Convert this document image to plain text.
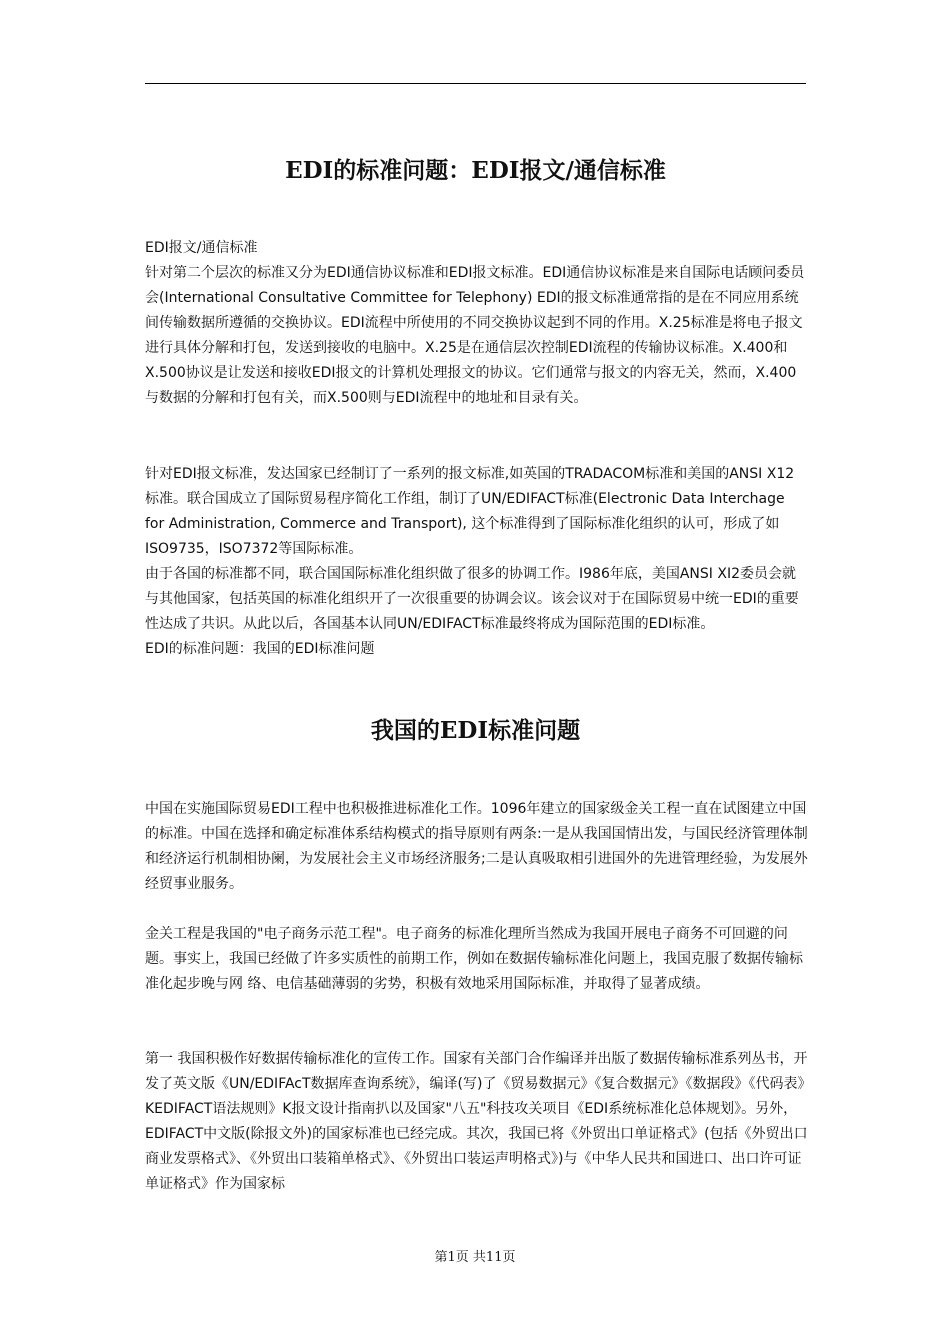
EDI的标准问题：EDI报文/通信标准

EDI报文/通信标准

针对第二个层次的标准又分为EDI通信协议标准和EDI报文标准。EDI通信协议标准是来自国际电话顾问委员会(International Consultative Committee for Telephony) EDI的报文标准通常指的是在不同应用系统间传输数据所遵循的交换协议。EDI流程中所使用的不同交换协议起到不同的作用。X.25标准是将电子报文进行具体分解和打包，发送到接收的电脑中。X.25是在通信层次控制EDI流程的传输协议标准。X.400和X.500协议是让发送和接收EDI报文的计算机处理报文的协议。它们通常与报文的内容无关，然而，X.400与数据的分解和打包有关，而X.500则与EDI流程中的地址和目录有关。

针对EDI报文标准，发达国家已经制订了一系列的报文标准,如英国的TRADACOM标准和美国的ANSI X12标准。联合国成立了国际贸易程序简化工作组，制订了UN/EDIFACT标准(Electronic Data Interchage for Administration, Commerce and Transport), 这个标准得到了国际标准化组织的认可，形成了如ISO9735，ISO7372等国际标准。

由于各国的标准都不同，联合国国际标准化组织做了很多的协调工作。I986年底，美国ANSI XI2委员会就与其他国家，包括英国的标准化组织开了一次很重要的协调会议。该会议对于在国际贸易中统一EDI的重要性达成了共识。从此以后，各国基本认同UN/EDIFACT标准最终将成为国际范围的EDI标准。

EDI的标准问题：我国的EDI标准问题

我国的EDI标准问题

中国在实施国际贸易EDI工程中也积极推进标准化工作。1096年建立的国家级金关工程一直在试图建立中国的标准。中国在选择和确定标准体系结构模式的指导原则有两条:一是从我国国情出发，与国民经济管理体制和经济运行机制相协阑，为发展社会主义市场经济服务;二是认真吸取相引进国外的先进管理经验，为发展外经贸事业服务。

金关工程是我国的"电子商务示范工程"。电子商务的标准化理所当然成为我国开展电子商务不可回避的问题。事实上，我国已经做了许多实质性的前期工作，例如在数据传输标准化问题上，我国克服了数据传输标准化起步晚与网 络、电信基础薄弱的劣势，积极有效地采用国际标准，并取得了显著成绩。

第一 我国积极作好数据传输标准化的宣传工作。国家有关部门合作编译并出版了数据传输标准系列丛书，开发了英文版《UN/EDIFAcT数据库查询系统》，编译(写)了《贸易数据元》《复合数据元》《数据段》《代码表》KEDIFACT语法规则》K报文设计指南扒以及国家"八五"科技攻关项目《EDI系统标准化总体规划》。另外，EDIFACT中文版(除报文外)的国家标准也已经完成。其次，我国已将《外贸出口单证格式》(包括《外贸出口商业发票格式》、《外贸出口装箱单格式》、《外贸出口装运声明格式》)与《中华人民共和国进口、出口许可证单证格式》作为国家标

第1页 共11页
